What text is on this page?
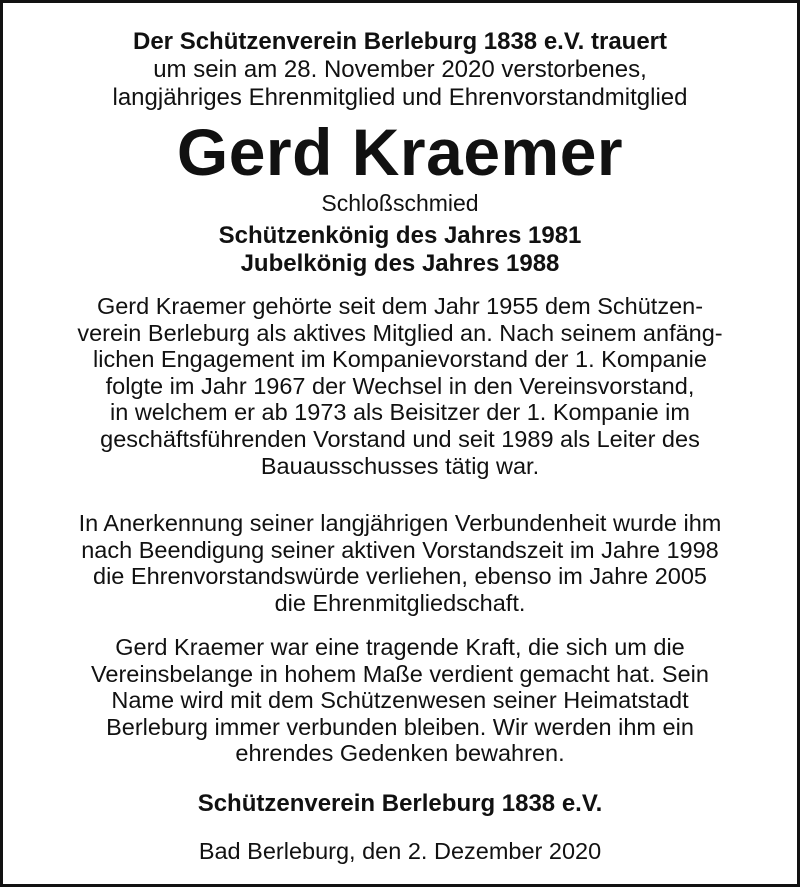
Der Schützenverein Berleburg 1838 e.V. trauert
um sein am 28. November 2020 verstorbenes,
langjähriges Ehrenmitglied und Ehrenvorstandmitglied
Gerd Kraemer
Schloßschmied
Schützenkönig des Jahres 1981
Jubelkönig des Jahres 1988
Gerd Kraemer gehörte seit dem Jahr 1955 dem Schützen-
verein Berleburg als aktives Mitglied an. Nach seinem anfäng-
lichen Engagement im Kompanievorstand der 1. Kompanie
folgte im Jahr 1967 der Wechsel in den Vereinsvorstand,
in welchem er ab 1973 als Beisitzer der 1. Kompanie im
geschäftsführenden Vorstand und seit 1989 als Leiter des
Bauausschusses tätig war.
In Anerkennung seiner langjährigen Verbundenheit wurde ihm
nach Beendigung seiner aktiven Vorstandszeit im Jahre 1998
die Ehrenvorstandswürde verliehen, ebenso im Jahre 2005
die Ehrenmitgliedschaft.
Gerd Kraemer war eine tragende Kraft, die sich um die
Vereinsbelange in hohem Maße verdient gemacht hat. Sein
Name wird mit dem Schützenwesen seiner Heimatstadt
Berleburg immer verbunden bleiben. Wir werden ihm ein
ehrendes Gedenken bewahren.
Schützenverein Berleburg 1838 e.V.
Bad Berleburg, den 2. Dezember 2020
